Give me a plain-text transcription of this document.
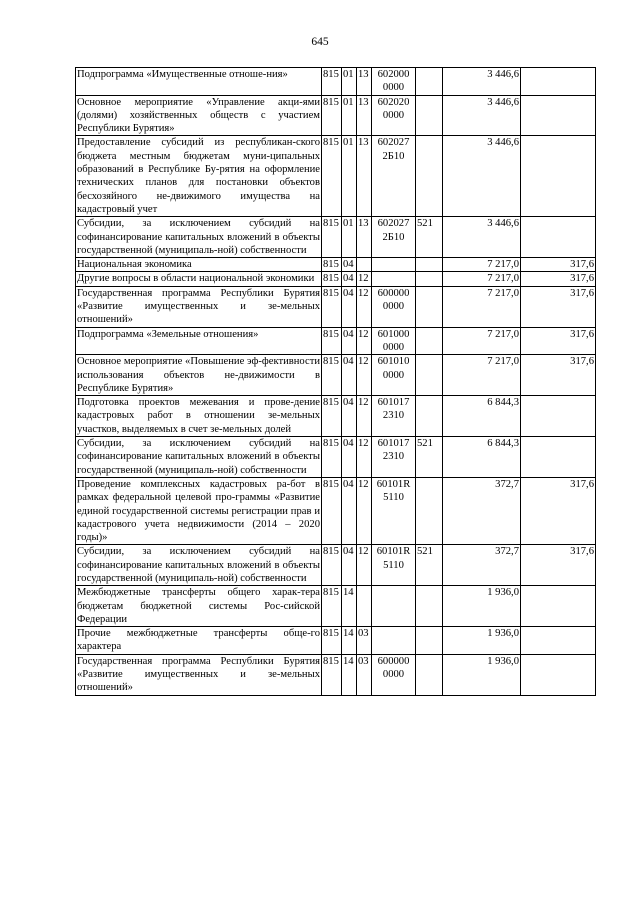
645
Подпрограмма «Имущественные отноше-ния»	815	01	13	602000
0000		3 446,6	
Основное мероприятие «Управление акци-ями (долями) хозяйственных обществ с участием Республики Бурятия»	815	01	13	602020
0000		3 446,6	
Предоставление субсидий из республикан-ского бюджета местным бюджетам муни-ципальных образований в Республике Бу-рятия на оформление технических планов для постановки объектов бесхозяйного не-движимого имущества на кадастровый учет	815	01	13	602027
2Б10		3 446,6	
Субсидии, за исключением субсидий на софинансирование капитальных вложений в объекты государственной (муниципаль-ной) собственности	815	01	13	602027
2Б10	521	3 446,6	
Национальная экономика	815	04				7 217,0	317,6
Другие вопросы в области национальной экономики	815	04	12			7 217,0	317,6
Государственная программа Республики Бурятия «Развитие имущественных и зе-мельных отношений»	815	04	12	600000
0000		7 217,0	317,6
Подпрограмма «Земельные отношения»	815	04	12	601000
0000		7 217,0	317,6
Основное мероприятие «Повышение эф-фективности использования объектов не-движимости в Республике Бурятия»	815	04	12	601010
0000		7 217,0	317,6
Подготовка проектов межевания и прове-дение кадастровых работ в отношении зе-мельных участков, выделяемых в счет зе-мельных долей	815	04	12	601017
2310		6 844,3	
Субсидии, за исключением субсидий на софинансирование капитальных вложений в объекты государственной (муниципаль-ной) собственности	815	04	12	601017
2310	521	6 844,3	
Проведение комплексных кадастровых ра-бот в рамках федеральной целевой про-граммы «Развитие единой государственной системы регистрации прав и кадастрового учета недвижимости (2014 – 2020 годы)»	815	04	12	60101R
5110		372,7	317,6
Субсидии, за исключением субсидий на софинансирование капитальных вложений в объекты государственной (муниципаль-ной) собственности	815	04	12	60101R
5110	521	372,7	317,6
Межбюджетные трансферты общего харак-тера бюджетам бюджетной системы Рос-сийской Федерации	815	14				1 936,0	
Прочие межбюджетные трансферты обще-го характера	815	14	03			1 936,0	
Государственная программа Республики Бурятия «Развитие имущественных и зе-мельных отношений»	815	14	03	600000
0000		1 936,0	
